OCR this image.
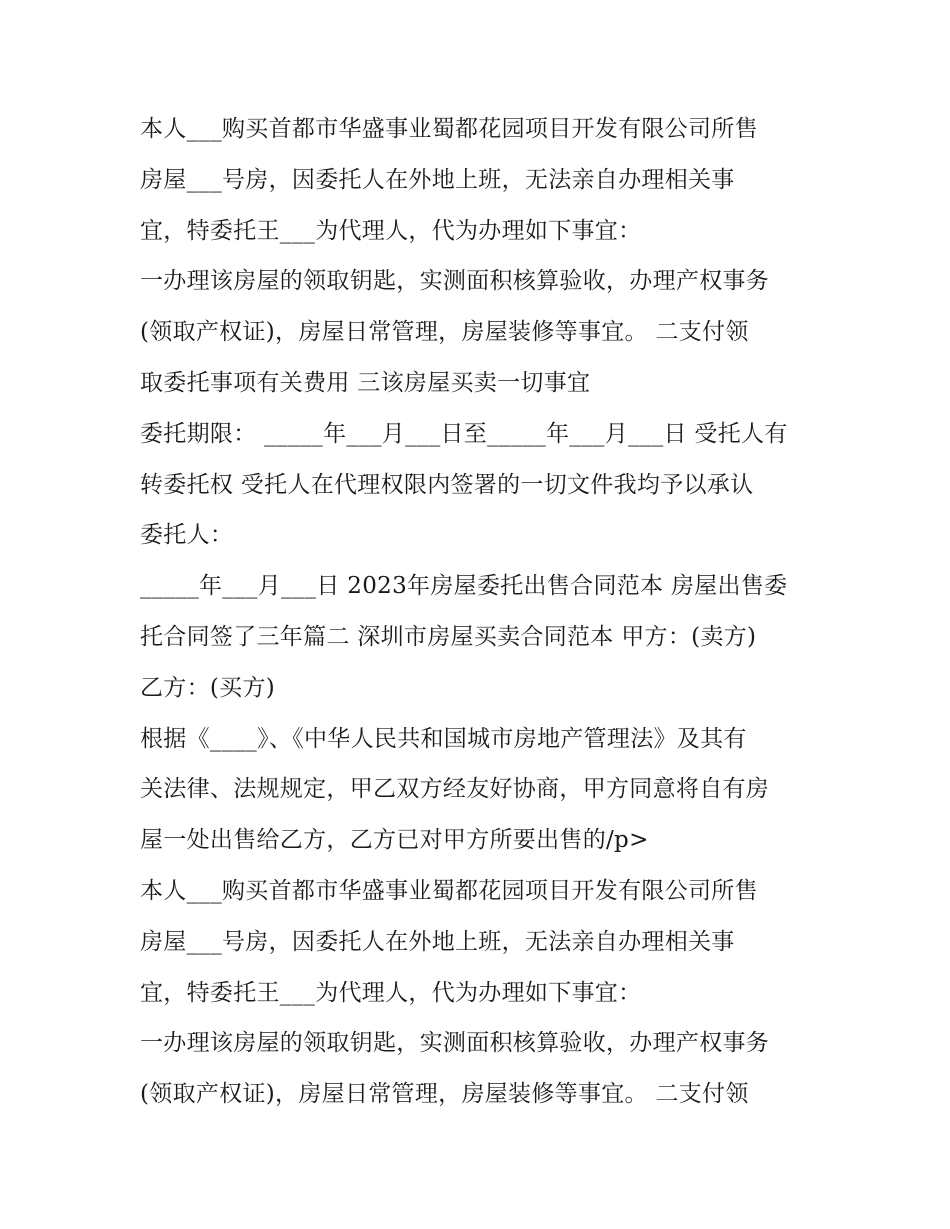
本人___购买首都市华盛事业蜀都花园项目开发有限公司所售
房屋___号房，因委托人在外地上班，无法亲自办理相关事
宜，特委托王___为代理人，代为办理如下事宜：
一办理该房屋的领取钥匙，实测面积核算验收，办理产权事务
(领取产权证)，房屋日常管理，房屋装修等事宜。 二支付领
取委托事项有关费用 三该房屋买卖一切事宜
委托期限： _____年___月___日至_____年___月___日 受托人有
转委托权 受托人在代理权限内签署的一切文件我均予以承认
委托人：
_____年___月___日 2023年房屋委托出售合同范本 房屋出售委
托合同签了三年篇二 深圳市房屋买卖合同范本 甲方：(卖方)
乙方：(买方)
根据《____》、《中华人民共和国城市房地产管理法》及其有
关法律、法规规定，甲乙双方经友好协商，甲方同意将自有房
屋一处出售给乙方，乙方已对甲方所要出售的/p>
本人___购买首都市华盛事业蜀都花园项目开发有限公司所售
房屋___号房，因委托人在外地上班，无法亲自办理相关事
宜，特委托王___为代理人，代为办理如下事宜：
一办理该房屋的领取钥匙，实测面积核算验收，办理产权事务
(领取产权证)，房屋日常管理，房屋装修等事宜。 二支付领
